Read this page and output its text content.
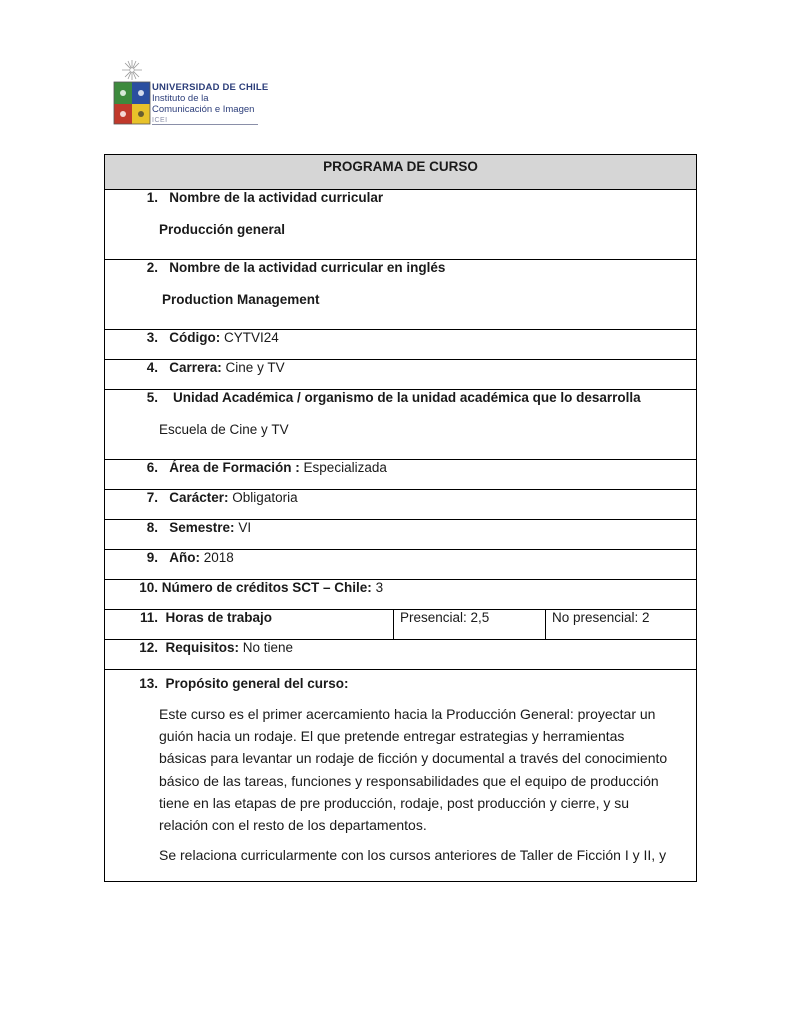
UNIVERSIDAD DE CHILE
Instituto de la
Comunicación e Imagen
ICEI
PROGRAMA DE CURSO

1. Nombre de la actividad curricular
Producción general

2. Nombre de la actividad curricular en inglés
Production Management

3. Código: CYTVI24
4. Carrera: Cine y TV

5.    Unidad Académica / organismo de la unidad académica que lo desarrolla
Escuela de Cine y TV

6. Área de Formación : Especializada
7. Carácter: Obligatoria
8. Semestre: VI
9. Año: 2018
10. Número de créditos SCT – Chile: 3
11.  Horas de trabajo	Presencial: 2,5	No presencial: 2
12.  Requisitos: No tiene

13.  Propósito general del curso:

Este curso es el primer acercamiento hacia la Producción General: proyectar un guión hacia un rodaje. El que pretende entregar estrategias y herramientas básicas para levantar un rodaje de ficción y documental a través del conocimiento básico de las tareas, funciones y responsabilidades que el equipo de producción tiene en las etapas de pre producción, rodaje, post producción y cierre, y su relación con el resto de los departamentos.

Se relaciona curricularmente con los cursos anteriores de Taller de Ficción I y II, y
